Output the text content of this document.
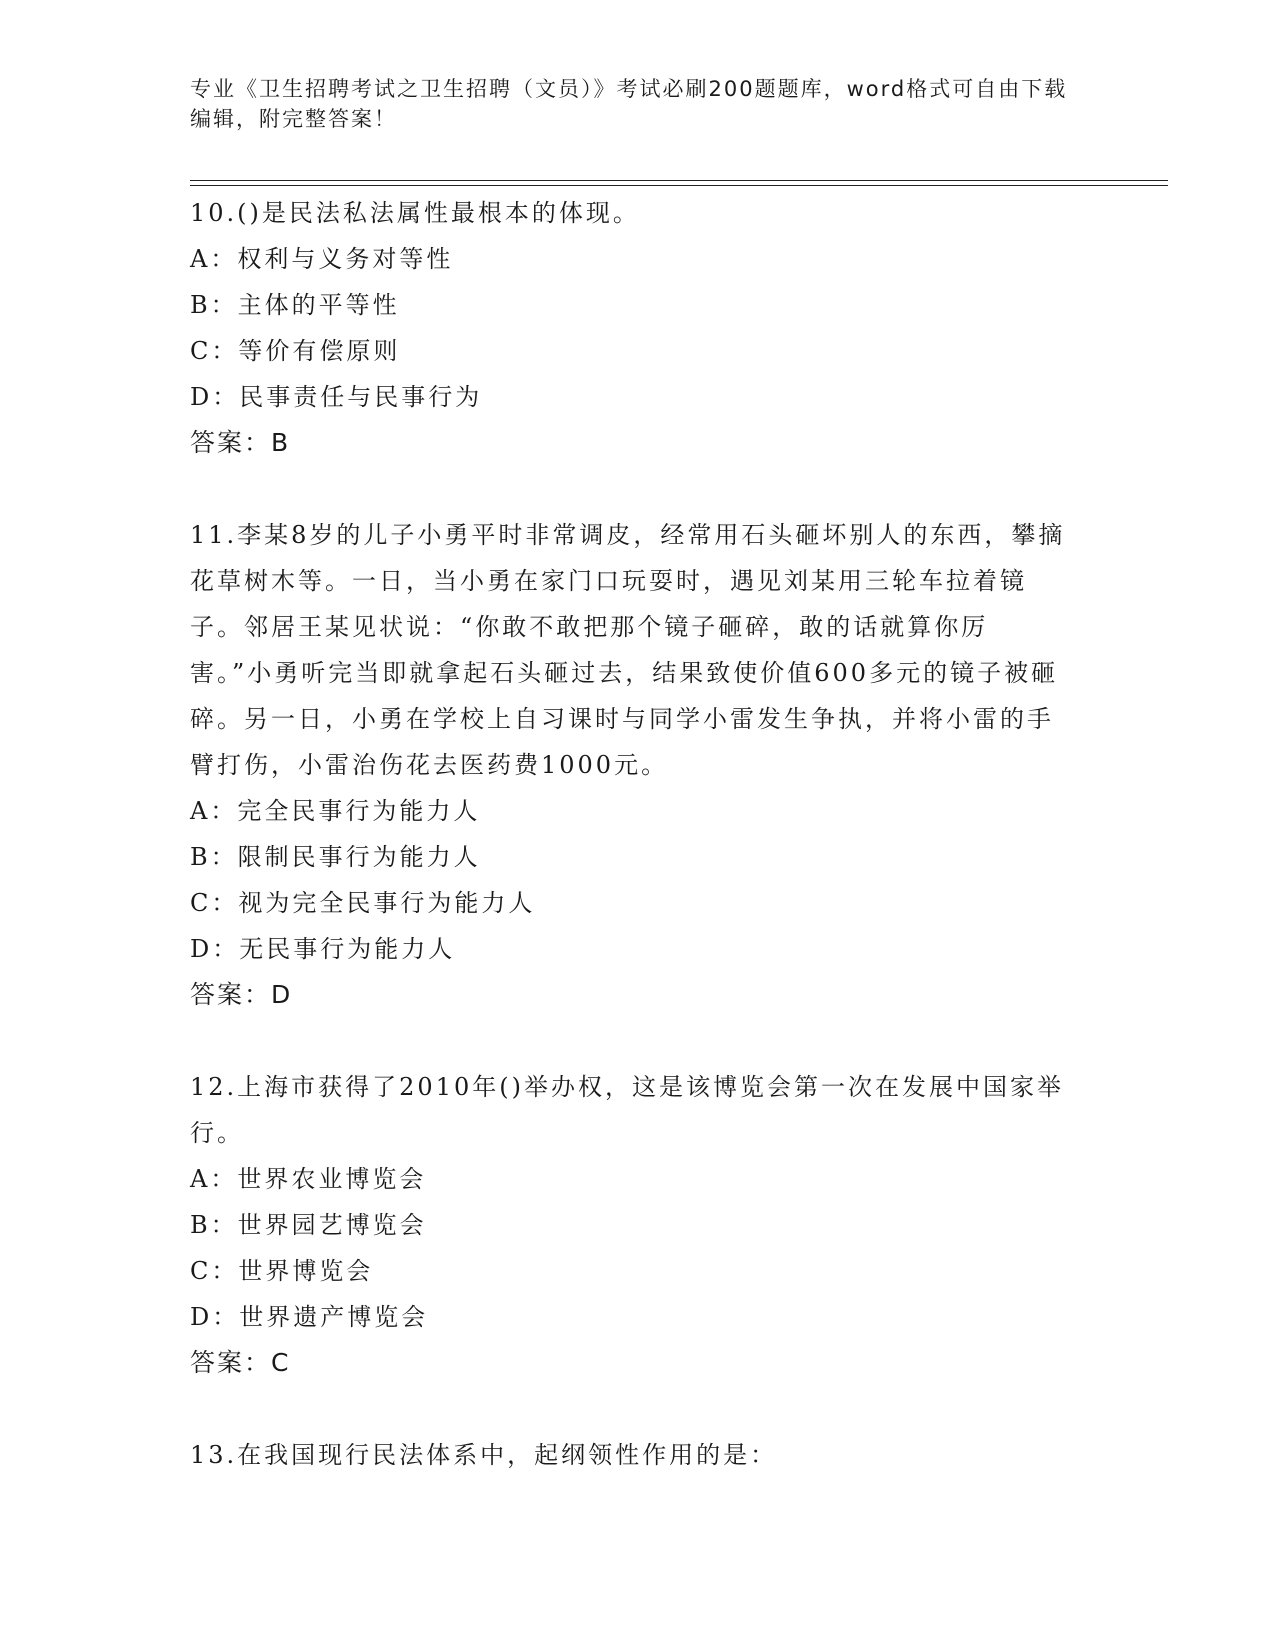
专业《卫生招聘考试之卫生招聘（文员）》考试必刷200题题库，word格式可自由下载编辑，附完整答案！

10.()是民法私法属性最根本的体现。

A：权利与义务对等性

B：主体的平等性

C：等价有偿原则

D：民事责任与民事行为

答案：B

11.李某8岁的儿子小勇平时非常调皮，经常用石头砸坏别人的东西，攀摘花草树木等。一日，当小勇在家门口玩耍时，遇见刘某用三轮车拉着镜子。邻居王某见状说：“你敢不敢把那个镜子砸碎，敢的话就算你厉害。”小勇听完当即就拿起石头砸过去，结果致使价值600多元的镜子被砸碎。另一日，小勇在学校上自习课时与同学小雷发生争执，并将小雷的手臂打伤，小雷治伤花去医药费1000元。

A：完全民事行为能力人

B：限制民事行为能力人

C：视为完全民事行为能力人

D：无民事行为能力人

答案：D

12.上海市获得了2010年()举办权，这是该博览会第一次在发展中国家举行。

A：世界农业博览会

B：世界园艺博览会

C：世界博览会

D：世界遗产博览会

答案：C

13.在我国现行民法体系中，起纲领性作用的是：
